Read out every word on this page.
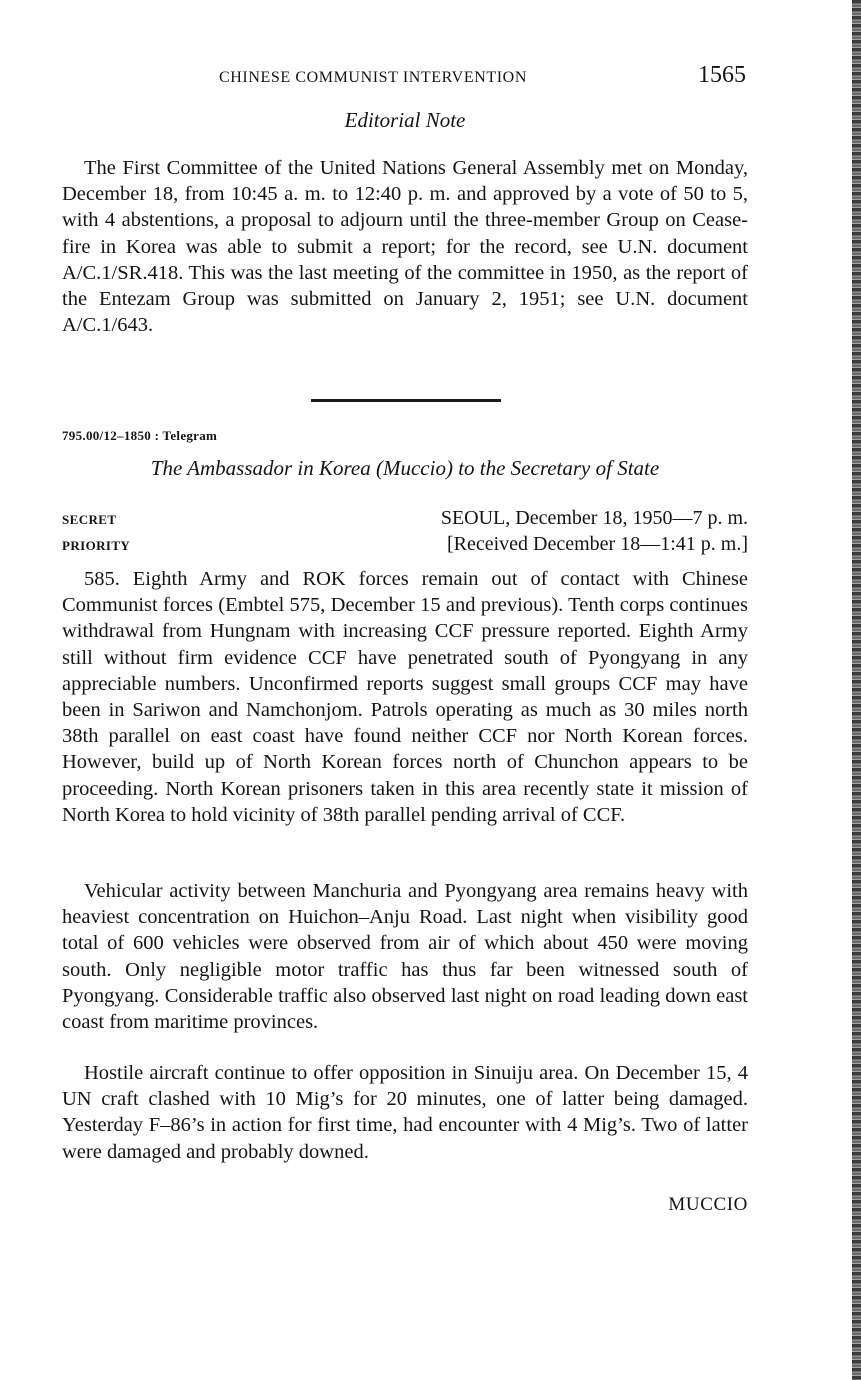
CHINESE COMMUNIST INTERVENTION	1565
Editorial Note

The First Committee of the United Nations General Assembly met on Monday, December 18, from 10:45 a. m. to 12:40 p. m. and approved by a vote of 50 to 5, with 4 abstentions, a proposal to adjourn until the three-member Group on Cease-fire in Korea was able to submit a report; for the record, see U.N. document A/C.1/SR.418. This was the last meeting of the committee in 1950, as the report of the Entezam Group was submitted on January 2, 1951; see U.N. document A/C.1/643.

795.00/12–1850 : Telegram
The Ambassador in Korea (Muccio) to the Secretary of State
SECRET	SEOUL, December 18, 1950—7 p. m.
PRIORITY	[Received December 18—1:41 p. m.]

585. Eighth Army and ROK forces remain out of contact with Chinese Communist forces (Embtel 575, December 15 and previous). Tenth corps continues withdrawal from Hungnam with increasing CCF pressure reported. Eighth Army still without firm evidence CCF have penetrated south of Pyongyang in any appreciable numbers. Unconfirmed reports suggest small groups CCF may have been in Sariwon and Namchonjom. Patrols operating as much as 30 miles north 38th parallel on east coast have found neither CCF nor North Korean forces. However, build up of North Korean forces north of Chunchon appears to be proceeding. North Korean prisoners taken in this area recently state it mission of North Korea to hold vicinity of 38th parallel pending arrival of CCF.

Vehicular activity between Manchuria and Pyongyang area remains heavy with heaviest concentration on Huichon–Anju Road. Last night when visibility good total of 600 vehicles were observed from air of which about 450 were moving south. Only negligible motor traffic has thus far been witnessed south of Pyongyang. Considerable traffic also observed last night on road leading down east coast from maritime provinces.

Hostile aircraft continue to offer opposition in Sinuiju area. On December 15, 4 UN craft clashed with 10 Mig’s for 20 minutes, one of latter being damaged. Yesterday F–86’s in action for first time, had encounter with 4 Mig’s. Two of latter were damaged and probably downed.

MUCCIO
